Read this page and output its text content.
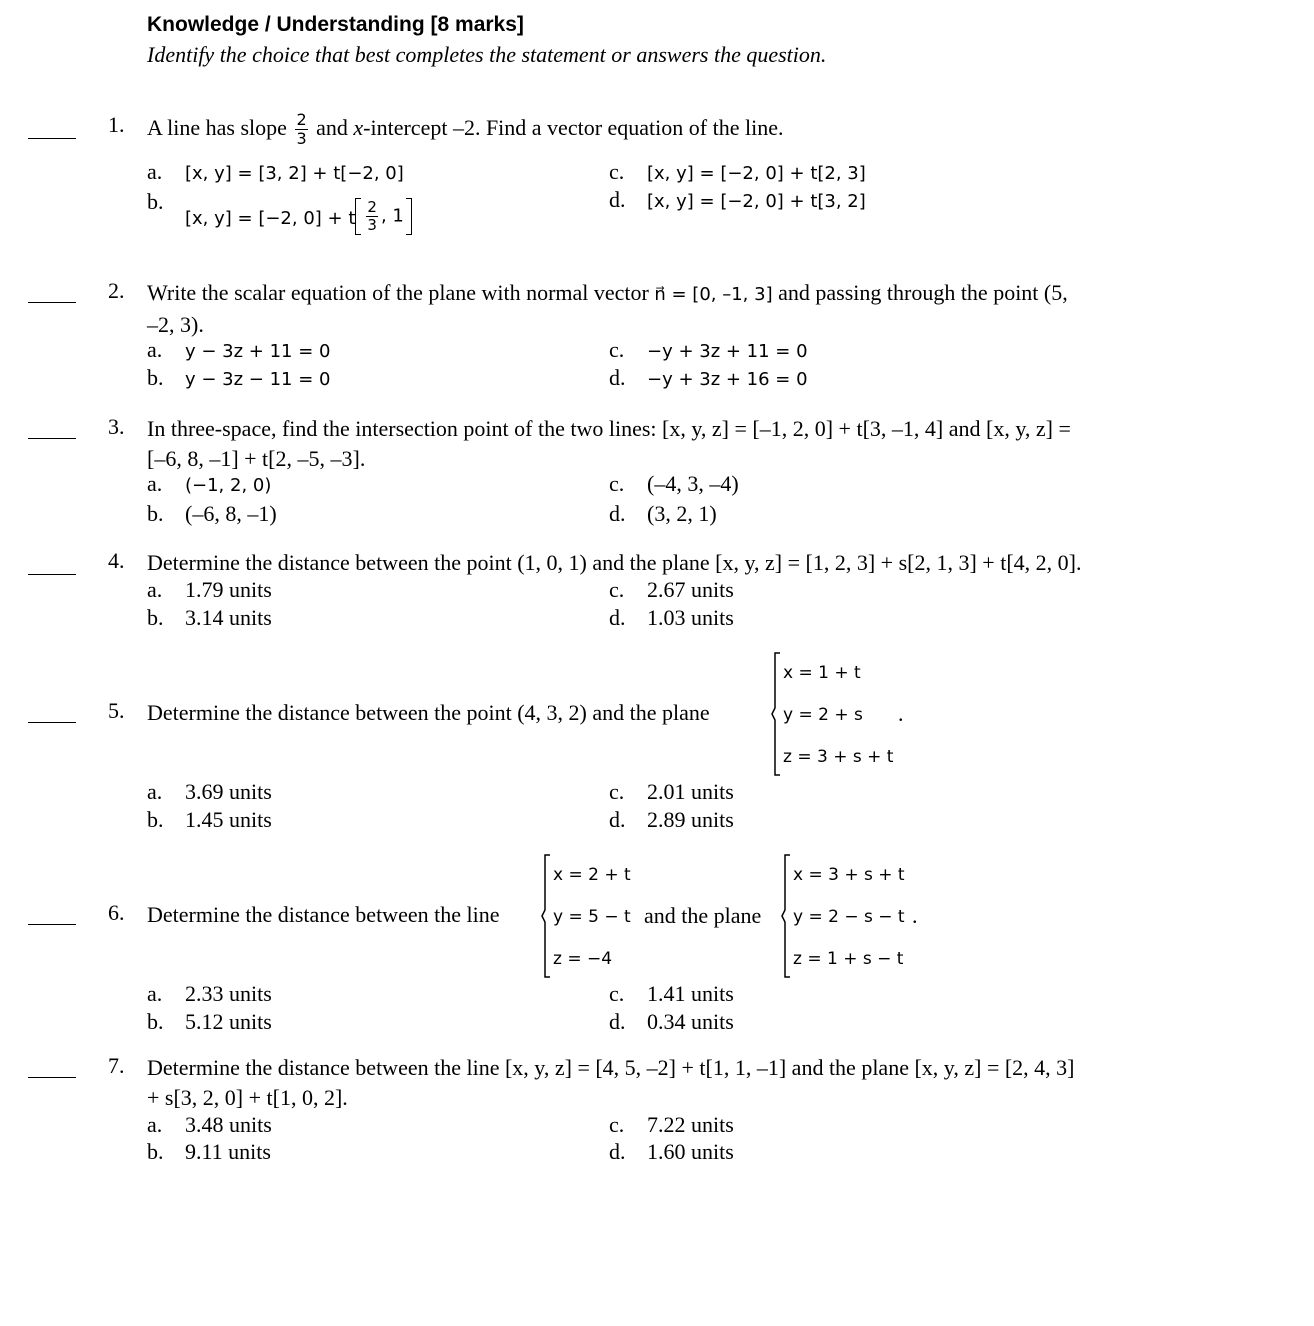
Knowledge / Understanding [8 marks]
Identify the choice that best completes the statement or answers the question.
1.	A line has slope $\frac{2}{3}$ and x-intercept –2. Find a vector equation of the line.
a. [x, y] = [3, 2] + t[−2, 0]
$b._{[x, y] = [-2, 0] + t} \frac{2}{3}$ , 1
c. [x, y] = [−2, 0] + t[2, 3]
d. [x, y] = [−2, 0] + t[3, 2]
2.	Write the scalar equation of the plane with normal vector n⃗ = [0, –1, 3] and passing through the point (5,
–2, 3).
a. y − 3z + 11 = 0
b. y − 3z − 11 = 0
c. −y + 3z + 11 = 0
d. −y + 3z + 16 = 0
3.	In three-space, find the intersection point of the two lines: [x, y, z] = [–1, 2, 0] + t[3, –1, 4] and [x, y, z] =
[–6, 8, –1] + t[2, –5, –3].
a. (−1, 2, 0)
b. (–6, 8, –1)
c. (–4, 3, –4)
d. (3, 2, 1)
4.	Determine the distance between the point (1, 0, 1) and the plane [x, y, z] = [1, 2, 3] + s[2, 1, 3] + t[4, 2, 0].
a. 1.79 units
b. 3.14 units
c. 2.67 units
d. 1.03 units
5.	Determine the distance between the point (4, 3, 2) and the plane
x = 1 + t
y = 2 + s
z = 3 + s + t
.
a. 3.69 units
b. 1.45 units
c. 2.01 units
d. 2.89 units
6.	Determine the distance between the line
x = 2 + t
y = 5 − t
z = −4
and the plane
x = 3 + s + t
y = 2 − s − t
z = 1 + s − t
.
a. 2.33 units
b. 5.12 units
c. 1.41 units
d. 0.34 units
7.	Determine the distance between the line [x, y, z] = [4, 5, –2] + t[1, 1, –1] and the plane [x, y, z] = [2, 4, 3]
+ s[3, 2, 0] + t[1, 0, 2].
a. 3.48 units
b. 9.11 units
c. 7.22 units
d. 1.60 units
